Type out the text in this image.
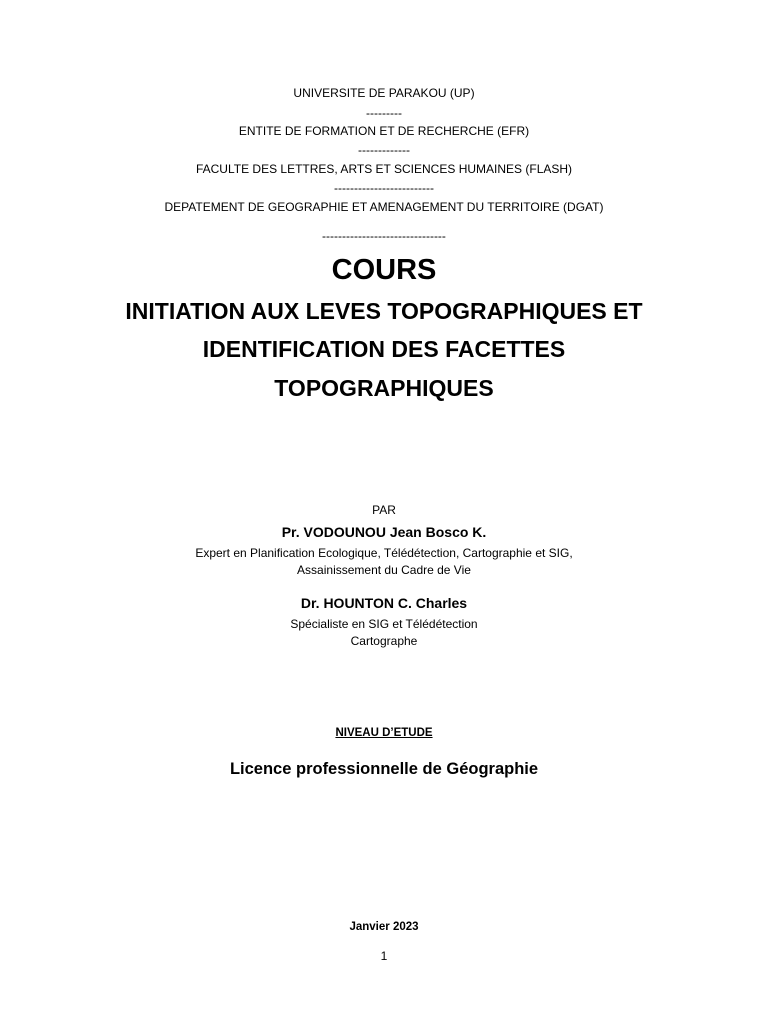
UNIVERSITE DE PARAKOU (UP)
---------
ENTITE DE FORMATION ET DE RECHERCHE (EFR)
-------------
FACULTE DES LETTRES, ARTS ET SCIENCES HUMAINES (FLASH)
-------------------------
DEPATEMENT DE GEOGRAPHIE ET AMENAGEMENT DU TERRITOIRE (DGAT)
-------------------------------
COURS
INITIATION AUX LEVES TOPOGRAPHIQUES ET
IDENTIFICATION DES FACETTES
TOPOGRAPHIQUES
PAR
Pr. VODOUNOU Jean Bosco K.
Expert en Planification Ecologique, Télédétection, Cartographie et SIG,
Assainissement du Cadre de Vie
Dr. HOUNTON C. Charles
Spécialiste en SIG et Télédétection
Cartographe
NIVEAU D’ETUDE
Licence professionnelle de Géographie
Janvier 2023
1
